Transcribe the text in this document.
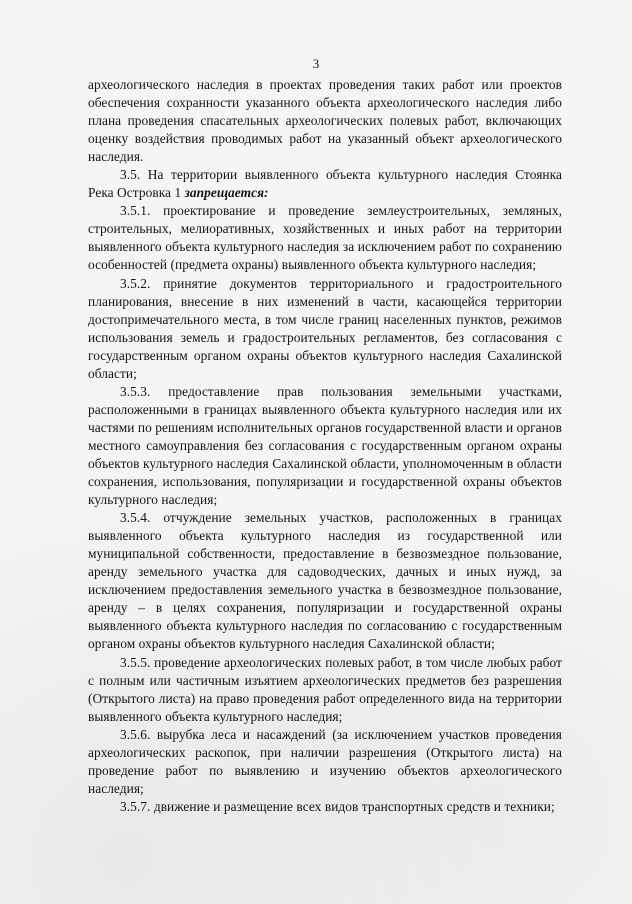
3

археологического наследия в проектах проведения таких работ или проектов обеспечения сохранности указанного объекта археологического наследия либо плана проведения спасательных археологических полевых работ, включающих оценку воздействия проводимых работ на указанный объект археологического наследия.

3.5. На территории выявленного объекта культурного наследия Стоянка Река Островка 1 запрещается:

3.5.1. проектирование и проведение землеустроительных, земляных, строительных, мелиоративных, хозяйственных и иных работ на территории выявленного объекта культурного наследия за исключением работ по сохранению особенностей (предмета охраны) выявленного объекта культурного наследия;

3.5.2. принятие документов территориального и градостроительного планирования, внесение в них изменений в части, касающейся территории достопримечательного места, в том числе границ населенных пунктов, режимов использования земель и градостроительных регламентов, без согласования с государственным органом охраны объектов культурного наследия Сахалинской области;

3.5.3. предоставление прав пользования земельными участками, расположенными в границах выявленного объекта культурного наследия или их частями по решениям исполнительных органов государственной власти и органов местного самоуправления без согласования с государственным органом охраны объектов культурного наследия Сахалинской области, уполномоченным в области сохранения, использования, популяризации и государственной охраны объектов культурного наследия;

3.5.4. отчуждение земельных участков, расположенных в границах выявленного объекта культурного наследия из государственной или муниципальной собственности, предоставление в безвозмездное пользование, аренду земельного участка для садоводческих, дачных и иных нужд, за исключением предоставления земельного участка в безвозмездное пользование, аренду – в целях сохранения, популяризации и государственной охраны выявленного объекта культурного наследия по согласованию с государственным органом охраны объектов культурного наследия Сахалинской области;

3.5.5. проведение археологических полевых работ, в том числе любых работ с полным или частичным изъятием археологических предметов без разрешения (Открытого листа) на право проведения работ определенного вида на территории выявленного объекта культурного наследия;

3.5.6. вырубка леса и насаждений (за исключением участков проведения археологических раскопок, при наличии разрешения (Открытого листа) на проведение работ по выявлению и изучению объектов археологического наследия;

3.5.7. движение и размещение всех видов транспортных средств и техники;
